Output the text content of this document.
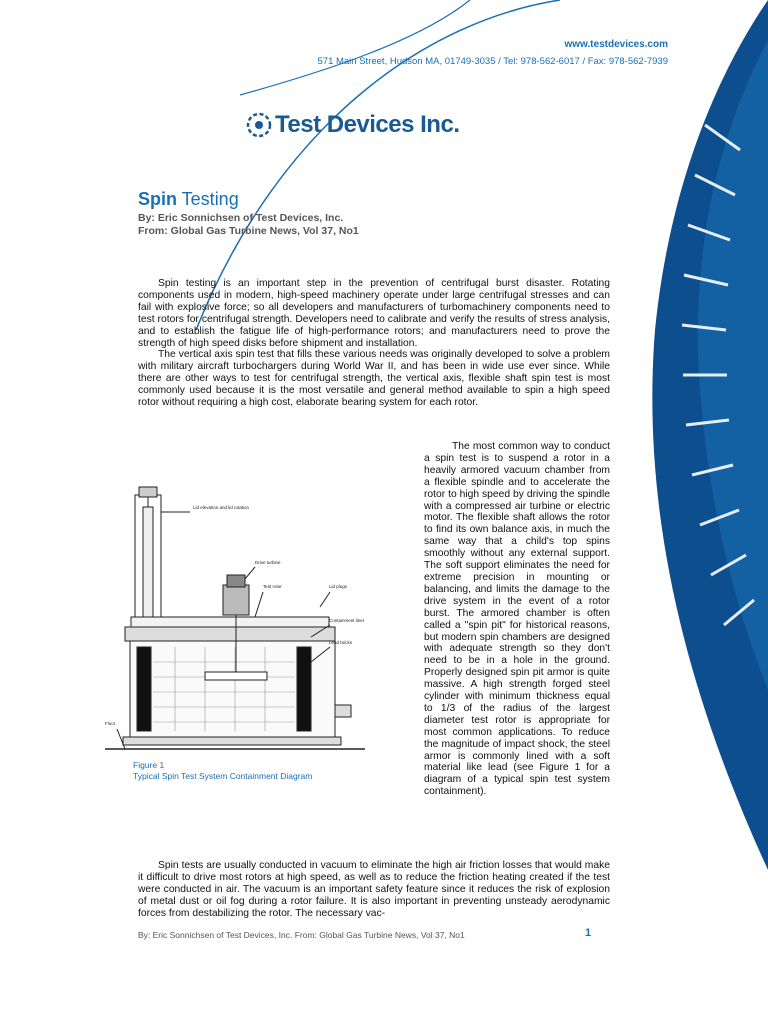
www.testdevices.com
571 Main Street, Hudson MA, 01749-3035 / Tel: 978-562-6017 / Fax: 978-562-7939
Test Devices Inc.
Spin Testing
By: Eric Sonnichsen of Test Devices, Inc.
From: Global Gas Turbine News, Vol 37, No1

Spin testing is an important step in the prevention of centrifugal burst disaster. Rotating components used in modern, high-speed machinery operate under large centrifugal stresses and can fail with explosive force; so all developers and manufacturers of turbomachinery components need to test rotors for centrifugal strength. Developers need to calibrate and verify the results of stress analysis, and to establish the fatigue life of high-performance rotors; and manufacturers need to prove the strength of high speed disks before shipment and installation.

The vertical axis spin test that fills these various needs was originally developed to solve a problem with military aircraft turbochargers during World War II, and has been in wide use ever since. While there are other ways to test for centrifugal strength, the vertical axis, flexible shaft spin test is most commonly used because it is the most versatile and general method available to spin a high speed rotor without requiring a high cost, elaborate bearing system for each rotor.

The most common way to conduct a spin test is to suspend a rotor in a heavily armored vacuum chamber from a flexible spindle and to accelerate the rotor to high speed by driving the spindle with a compressed air turbine or electric motor. The flexible shaft allows the rotor to find its own balance axis, in much the same way that a child's top spins smoothly without any external support. The soft support eliminates the need for extreme precision in mounting or balancing, and limits the damage to the drive system in the event of a rotor burst. The armored chamber is often called a "spin pit" for historical reasons, but modern spin chambers are designed with adequate strength so they don't need to be in a hole in the ground. Properly designed spin pit armor is quite massive. A high strength forged steel cylinder with minimum thickness equal to 1/3 of the radius of the largest diameter test rotor is appropriate for most common applications. To reduce the magnitude of impact shock, the steel armor is commonly lined with a soft material like lead (see Figure 1 for a diagram of a typical spin test system containment).

Lid elevation and lid rotation
Drive turbine
Test rotor	Lid plugs
Containment liner
Lead bricks
Floor
Figure 1
Typical Spin Test System Containment Diagram

Spin tests are usually conducted in vacuum to eliminate the high air friction losses that would make it difficult to drive most rotors at high speed, as well as to reduce the friction heating created if the test were conducted in air. The vacuum is an important safety feature since it reduces the risk of explosion of metal dust or oil fog during a rotor failure. It is also important in preventing unsteady aerodynamic forces from destabilizing the rotor. The necessary vac-

By: Eric Sonnichsen of Test Devices, Inc. From: Global Gas Turbine News, Vol 37, No1	1
